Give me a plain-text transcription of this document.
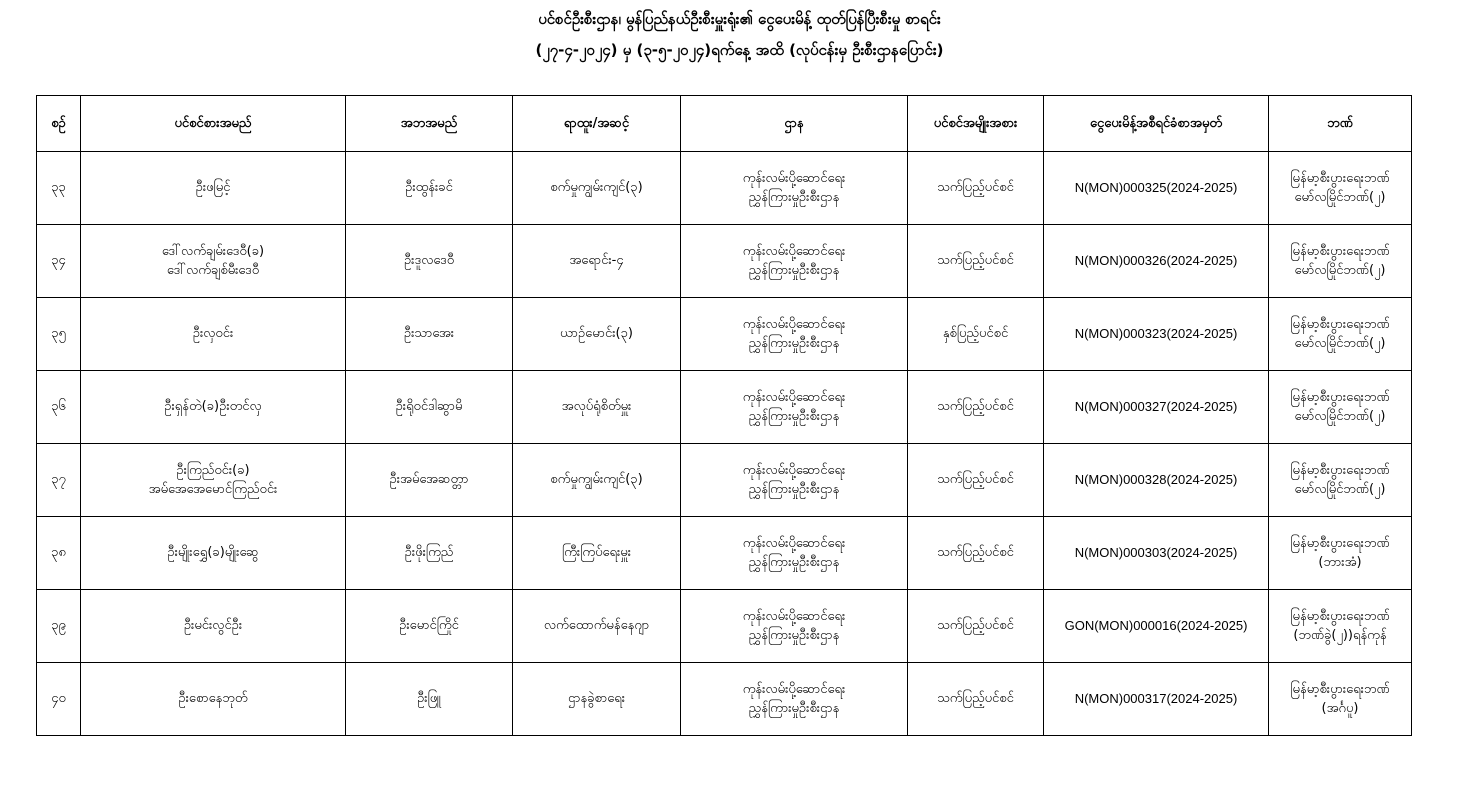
ပင်စင်ဦးစီးဌာန၊ မွန်ပြည်နယ်ဦးစီးမှူးရုံး၏ ငွေပေးမိန့် ထုတ်ပြန်ပြီးစီးမှု စာရင်း
(၂၇-၄-၂၀၂၄) မှ (၃-၅-၂၀၂၄)ရက်နေ့ အထိ (လုပ်ငန်းမှ ဦးစီးဌာနပြောင်း)
စဉ်	ပင်စင်စားအမည်	အဘအမည်	ရာထူး/အဆင့်	ဌာန	ပင်စင်အမျိုးအစား	ငွေပေးမိန့်အစီရင်ခံစာအမှတ်	ဘဏ်
၃၃	ဦးဖမြင့်	ဦးထွန်းခင်	စက်မှုကျွမ်းကျင်(၃)	ကုန်းလမ်းပို့ဆောင်ရေး
ညွှန်ကြားမှုဦးစီးဌာန	သက်ပြည့်ပင်စင်	N(MON)000325(2024-2025)	မြန်မာ့စီးပွားရေးဘဏ်
မော်လမြိုင်ဘဏ်(၂)

၃၄	ဒေါ်လက်ချမ်းဒေဝီ(ခ)
ဒေါ်လက်ချစ်မီးဒေဝီ	ဦးဒူလဒေဝီ	အရောင်း-၄	ကုန်းလမ်းပို့ဆောင်ရေး
ညွှန်ကြားမှုဦးစီးဌာန	သက်ပြည့်ပင်စင်	N(MON)000326(2024-2025)	မြန်မာ့စီးပွားရေးဘဏ်
မော်လမြိုင်ဘဏ်(၂)

၃၅	ဦးလှဝင်း	ဦးသာအေး	ယာဉ်မောင်း(၃)	ကုန်းလမ်းပို့ဆောင်ရေး
ညွှန်ကြားမှုဦးစီးဌာန	နှစ်ပြည့်ပင်စင်	N(MON)000323(2024-2025)	မြန်မာ့စီးပွားရေးဘဏ်
မော်လမြိုင်ဘဏ်(၂)

၃၆	ဦးရှန်တဲ(ခ)ဦးတင်လှ	ဦးရိုဝင်ဒါဆွာမိ	အလုပ်ရုံစိတ်မှူး	ကုန်းလမ်းပို့ဆောင်ရေး
ညွှန်ကြားမှုဦးစီးဌာန	သက်ပြည့်ပင်စင်	N(MON)000327(2024-2025)	မြန်မာ့စီးပွားရေးဘဏ်
မော်လမြိုင်ဘဏ်(၂)

၃၇	ဦးကြည်ဝင်း(ခ)
အမ်အေအေမောင်ကြည်ဝင်း	ဦးအမ်အေဆတ္တာ	စက်မှုကျွမ်းကျင်(၃)	ကုန်းလမ်းပို့ဆောင်ရေး
ညွှန်ကြားမှုဦးစီးဌာန	သက်ပြည့်ပင်စင်	N(MON)000328(2024-2025)	မြန်မာ့စီးပွားရေးဘဏ်
မော်လမြိုင်ဘဏ်(၂)

၃၈	ဦးမျိုးရွှေ(ခ)မျိုးဆွေ	ဦးဖိုးကြည်	ကြီးကြပ်ရေးမှူး	ကုန်းလမ်းပို့ဆောင်ရေး
ညွှန်ကြားမှုဦးစီးဌာန	သက်ပြည့်ပင်စင်	N(MON)000303(2024-2025)	မြန်မာ့စီးပွားရေးဘဏ်
(ဘားအံ)

၃၉	ဦးမင်းလွင်ဦး	ဦးမောင်ကြိုင်	လက်ထောက်မန်နေဂျာ	ကုန်းလမ်းပို့ဆောင်ရေး
ညွှန်ကြားမှုဦးစီးဌာန	သက်ပြည့်ပင်စင်	GON(MON)000016(2024-2025)	မြန်မာ့စီးပွားရေးဘဏ်
(ဘဏ်ခွဲ(၂))ရန်ကုန်

၄၀	ဦးစောနေဘုတ်	ဦးဖြူ	ဌာနခွဲစာရေး	ကုန်းလမ်းပို့ဆောင်ရေး
ညွှန်ကြားမှုဦးစီးဌာန	သက်ပြည့်ပင်စင်	N(MON)000317(2024-2025)	မြန်မာ့စီးပွားရေးဘဏ်
(အင်္ဂပူ)
